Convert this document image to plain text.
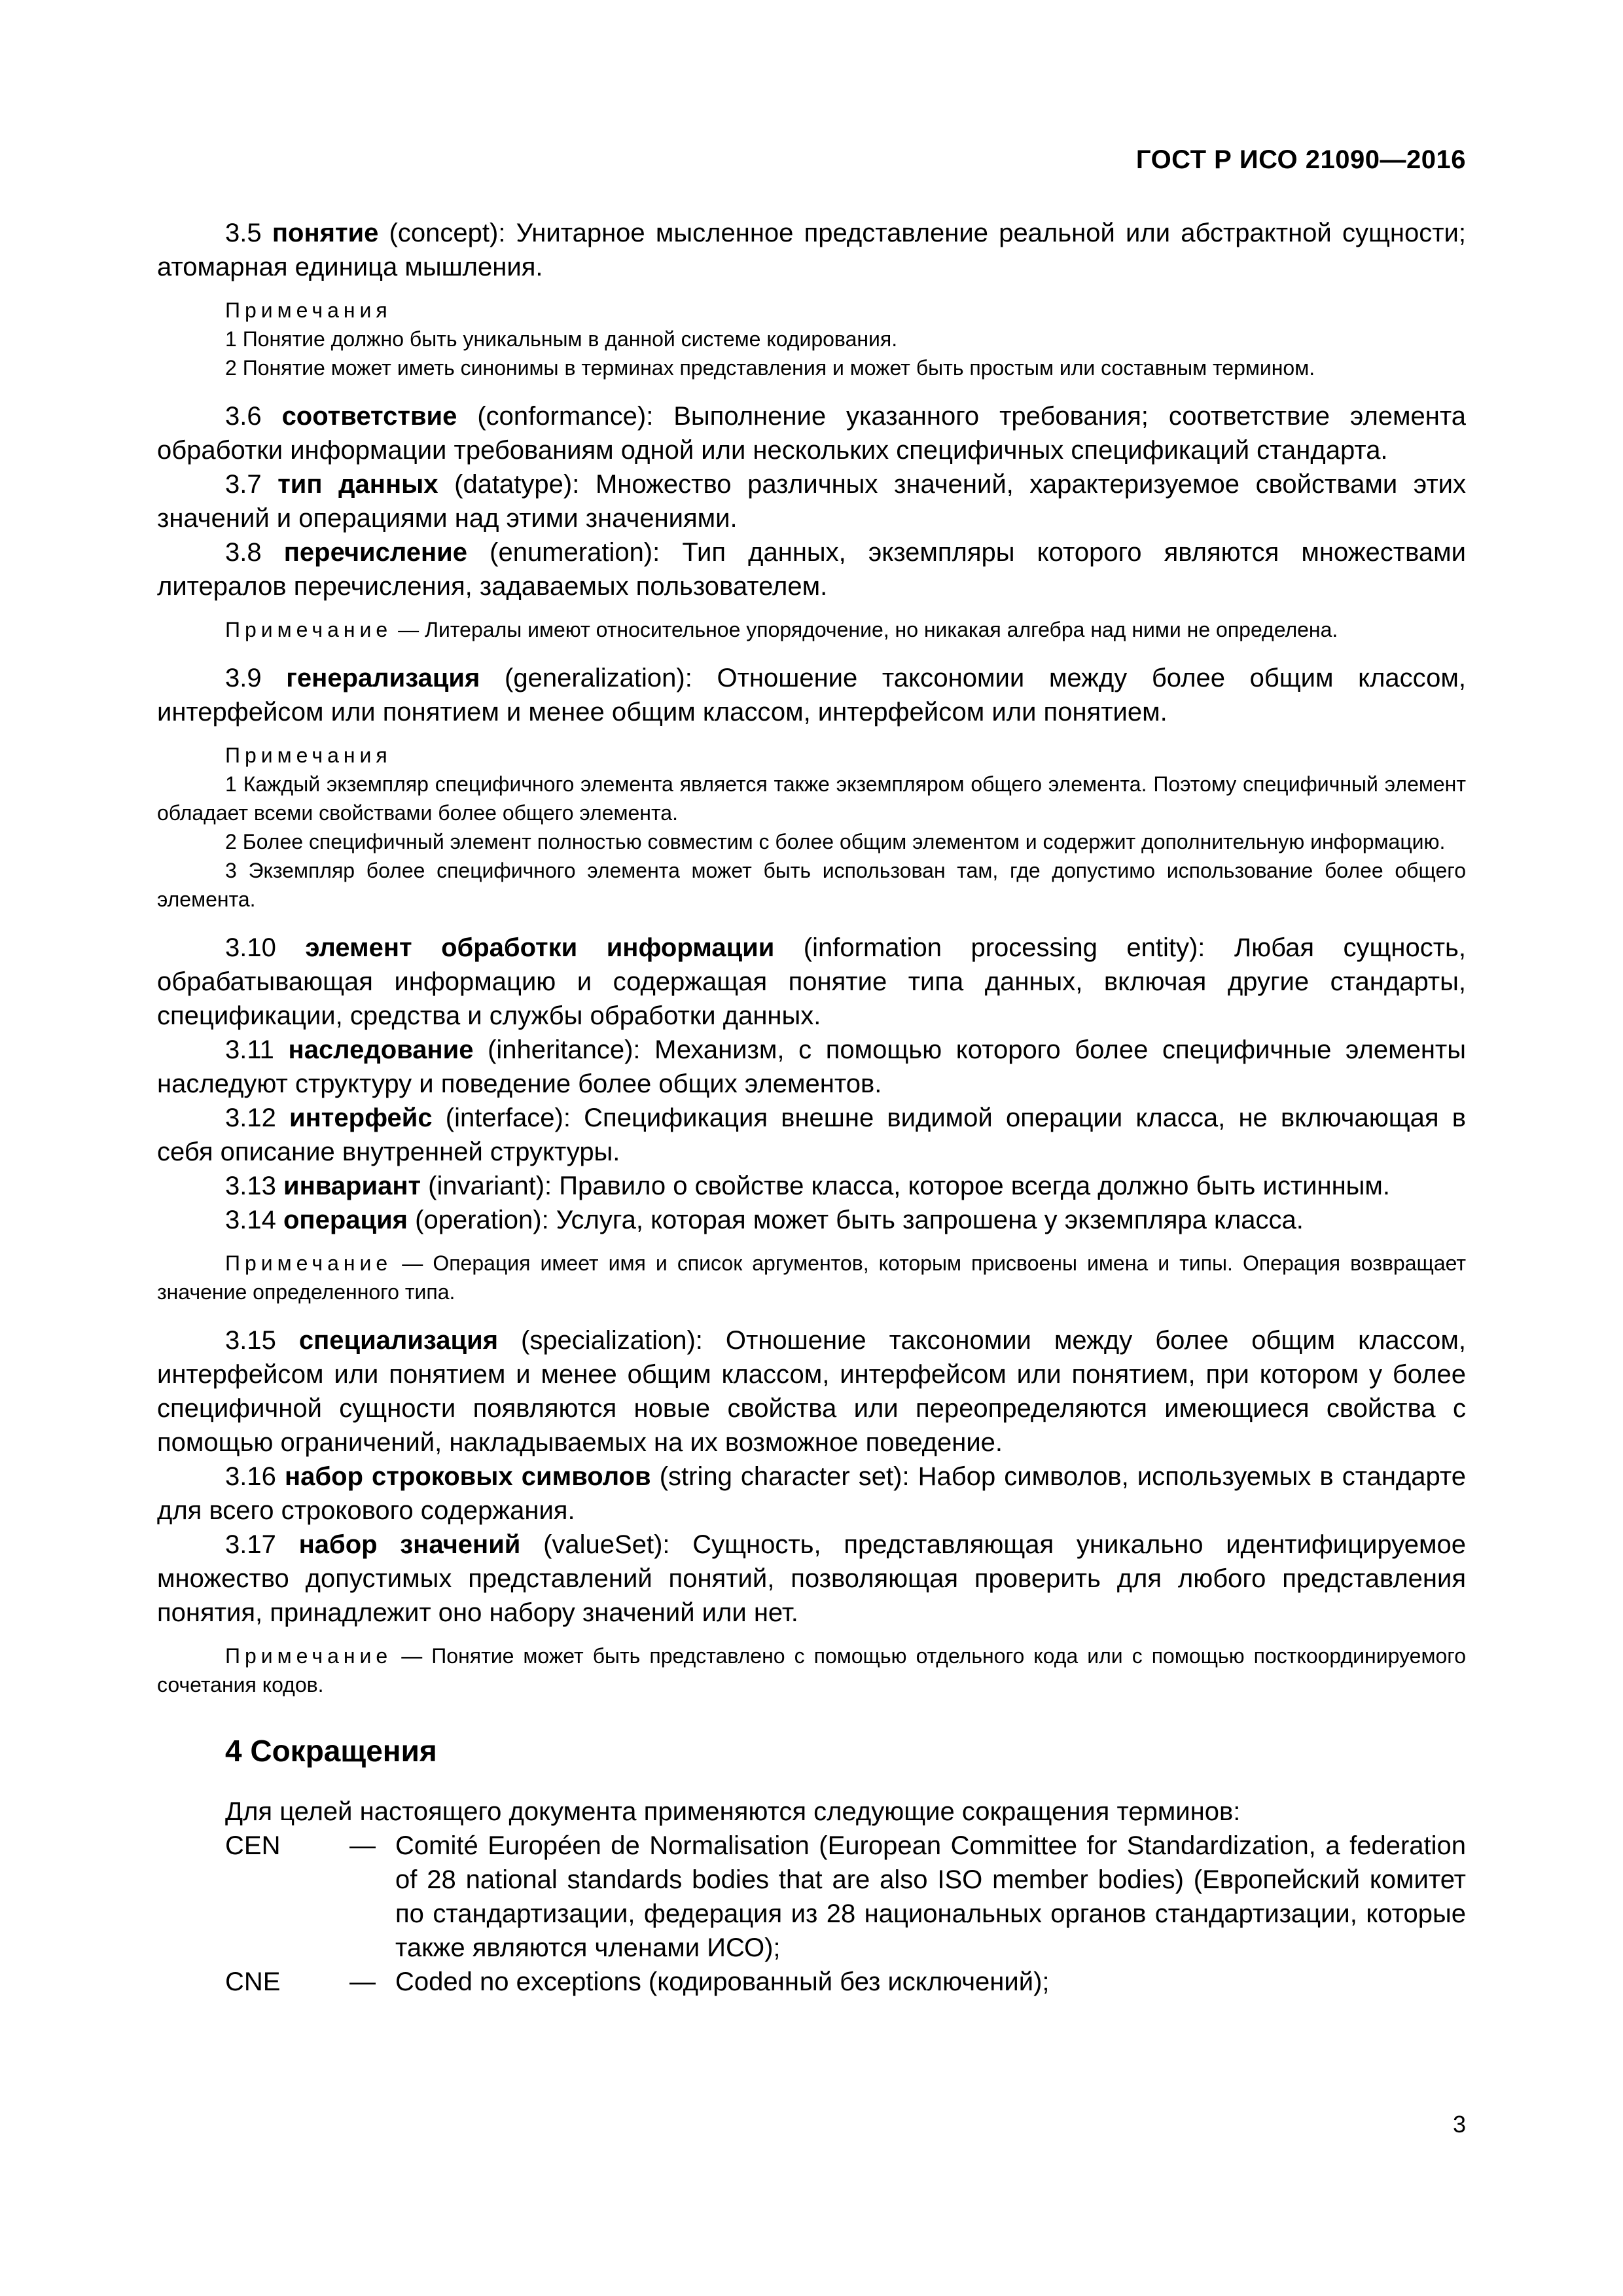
ГОСТ Р ИСО 21090—2016

3.5 понятие (concept): Унитарное мысленное представление реальной или абстрактной сущности; атомарная единица мышления.

Примечания
1 Понятие должно быть уникальным в данной системе кодирования.
2 Понятие может иметь синонимы в терминах представления и может быть простым или составным термином.

3.6 соответствие (conformance): Выполнение указанного требования; соответствие элемента обработки информации требованиям одной или нескольких специфичных спецификаций стандарта.

3.7 тип данных (datatype): Множество различных значений, характеризуемое свойствами этих значений и операциями над этими значениями.

3.8 перечисление (enumeration): Тип данных, экземпляры которого являются множествами литералов перечисления, задаваемых пользователем.

Примечание — Литералы имеют относительное упорядочение, но никакая алгебра над ними не определена.

3.9 генерализация (generalization): Отношение таксономии между более общим классом, интерфейсом или понятием и менее общим классом, интерфейсом или понятием.

Примечания
1 Каждый экземпляр специфичного элемента является также экземпляром общего элемента. Поэтому специфичный элемент обладает всеми свойствами более общего элемента.
2 Более специфичный элемент полностью совместим с более общим элементом и содержит дополнительную информацию.
3 Экземпляр более специфичного элемента может быть использован там, где допустимо использование более общего элемента.

3.10 элемент обработки информации (information processing entity): Любая сущность, обрабатывающая информацию и содержащая понятие типа данных, включая другие стандарты, спецификации, средства и службы обработки данных.

3.11 наследование (inheritance): Механизм, с помощью которого более специфичные элементы наследуют структуру и поведение более общих элементов.

3.12 интерфейс (interface): Спецификация внешне видимой операции класса, не включающая в себя описание внутренней структуры.

3.13 инвариант (invariant): Правило о свойстве класса, которое всегда должно быть истинным.

3.14 операция (operation): Услуга, которая может быть запрошена у экземпляра класса.

Примечание — Операция имеет имя и список аргументов, которым присвоены имена и типы. Операция возвращает значение определенного типа.

3.15 специализация (specialization): Отношение таксономии между более общим классом, интерфейсом или понятием и менее общим классом, интерфейсом или понятием, при котором у более специфичной сущности появляются новые свойства или переопределяются имеющиеся свойства с помощью ограничений, накладываемых на их возможное поведение.

3.16 набор строковых символов (string character set): Набор символов, используемых в стандарте для всего строкового содержания.

3.17 набор значений (valueSet): Сущность, представляющая уникально идентифицируемое множество допустимых представлений понятий, позволяющая проверить для любого представления понятия, принадлежит оно набору значений или нет.

Примечание — Понятие может быть представлено с помощью отдельного кода или с помощью посткоординируемого сочетания кодов.
4 Сокращения
Для целей настоящего документа применяются следующие сокращения терминов:
CEN	— Comité Européen de Normalisation (European Committee for Standardization, a federation of 28 national standards bodies that are also ISO member bodies) (Европейский комитет по стандартизации, федерация из 28 национальных органов стандартизации, которые также являются членами ИСО);
CNE	— Coded no exceptions (кодированный без исключений);
3
